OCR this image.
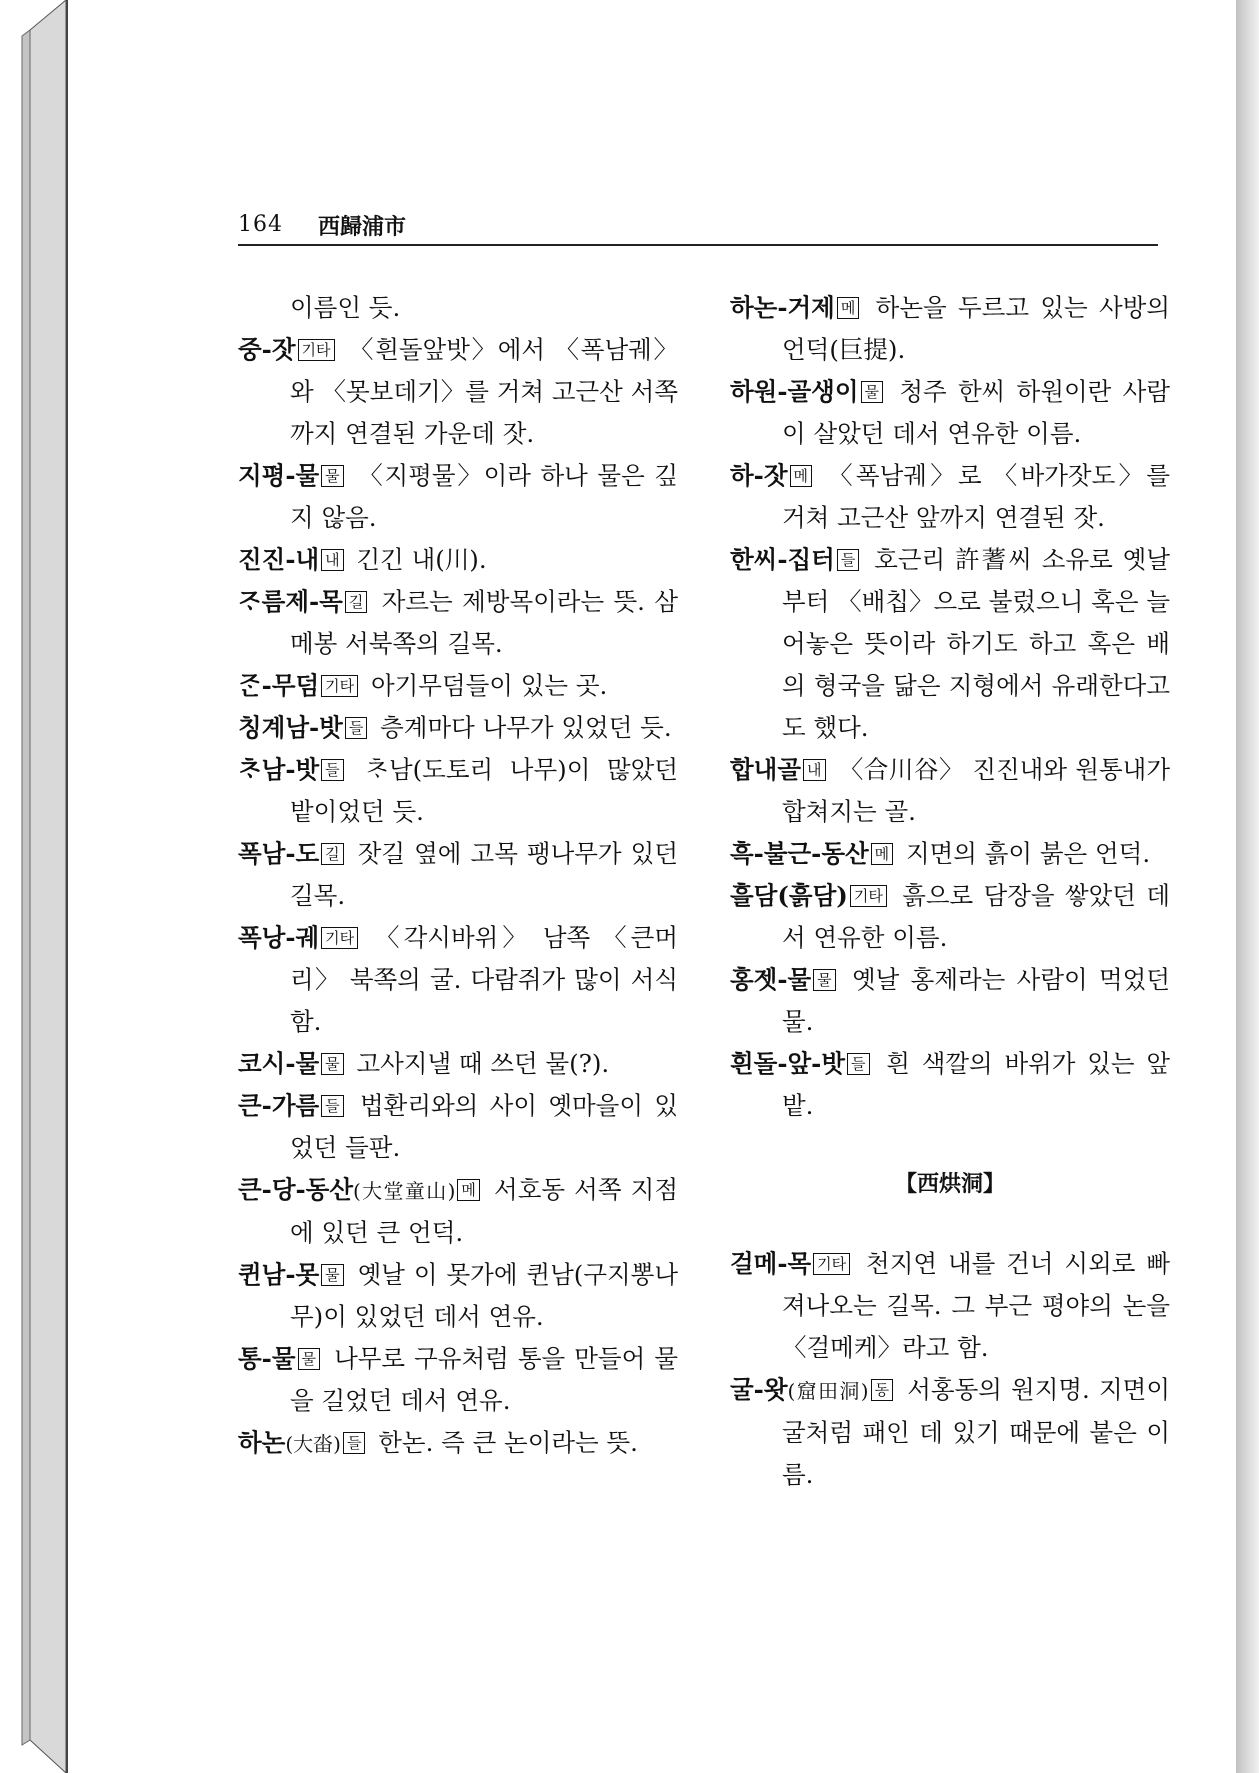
164 西歸浦市
이름인 듯.
중-잣 기타 〈흰돌앞밧〉에서 〈폭남궤〉와 〈못보데기〉를 거쳐 고근산 서쪽까지 연결된 가운데 잣.
지평-물 물 〈지평물〉이라 하나 물은 깊지 않음.
진진-내 내 긴긴 내(川).
ᄌᆞ름제-목 길 자르는 제방목이라는 뜻. 삼메봉 서북쪽의 길목.
ᄌᆞᆫ-무덤 기타 아기무덤들이 있는 곳.
칭계남-밧 들 층계마다 나무가 있었던 듯.
ᄎᆞ남-밧 들 ᄎᆞ남(도토리 나무)이 많았던 밭이었던 듯.
폭남-도 길 잣길 옆에 고목 팽나무가 있던 길목.
폭낭-궤 기타 〈각시바위〉 남쪽 〈큰머리〉 북쪽의 굴. 다람쥐가 많이 서식함.
코시-물 물 고사지낼 때 쓰던 물(?).
큰-가름 들 법환리와의 사이 옛마을이 있었던 들판.
큰-당-동산(大堂童山) 메 서호동 서쪽 지점에 있던 큰 언덕.
퀸남-못 물 옛날 이 못가에 퀸남(구지뽕나무)이 있었던 데서 연유.
통-물 물 나무로 구유처럼 통을 만들어 물을 길었던 데서 연유.
하논(大畓) 들 한논. 즉 큰 논이라는 뜻.
하논-거제 메 하논을 두르고 있는 사방의 언덕(巨提).
하원-골생이 물 청주 한씨 하원이란 사람이 살았던 데서 연유한 이름.
하-잣 메 〈폭남궤〉로 〈바가잣도〉를 거쳐 고근산 앞까지 연결된 잣.
한씨-집터 들 호근리 許蓍씨 소유로 옛날부터 〈배칩〉으로 불렀으니 혹은 늘어놓은 뜻이라 하기도 하고 혹은 배의 형국을 닮은 지형에서 유래한다고도 했다.
합내골 내 〈合川谷〉 진진내와 원통내가 합쳐지는 골.
흑-불근-동산 메 지면의 흙이 붉은 언덕.
흘담(흙담) 기타 흙으로 담장을 쌓았던 데서 연유한 이름.
홍젯-물 물 옛날 홍제라는 사람이 먹었던 물.
흰돌-앞-밧 들 흰 색깔의 바위가 있는 앞 밭.
【西烘洞】
걸메-목 기타 천지연 내를 건너 시외로 빠져나오는 길목. 그 부근 평야의 논을 〈걸메케〉라고 함.
굴-왓(窟田洞) 동 서홍동의 원지명. 지면이 굴처럼 패인 데 있기 때문에 붙은 이름.
